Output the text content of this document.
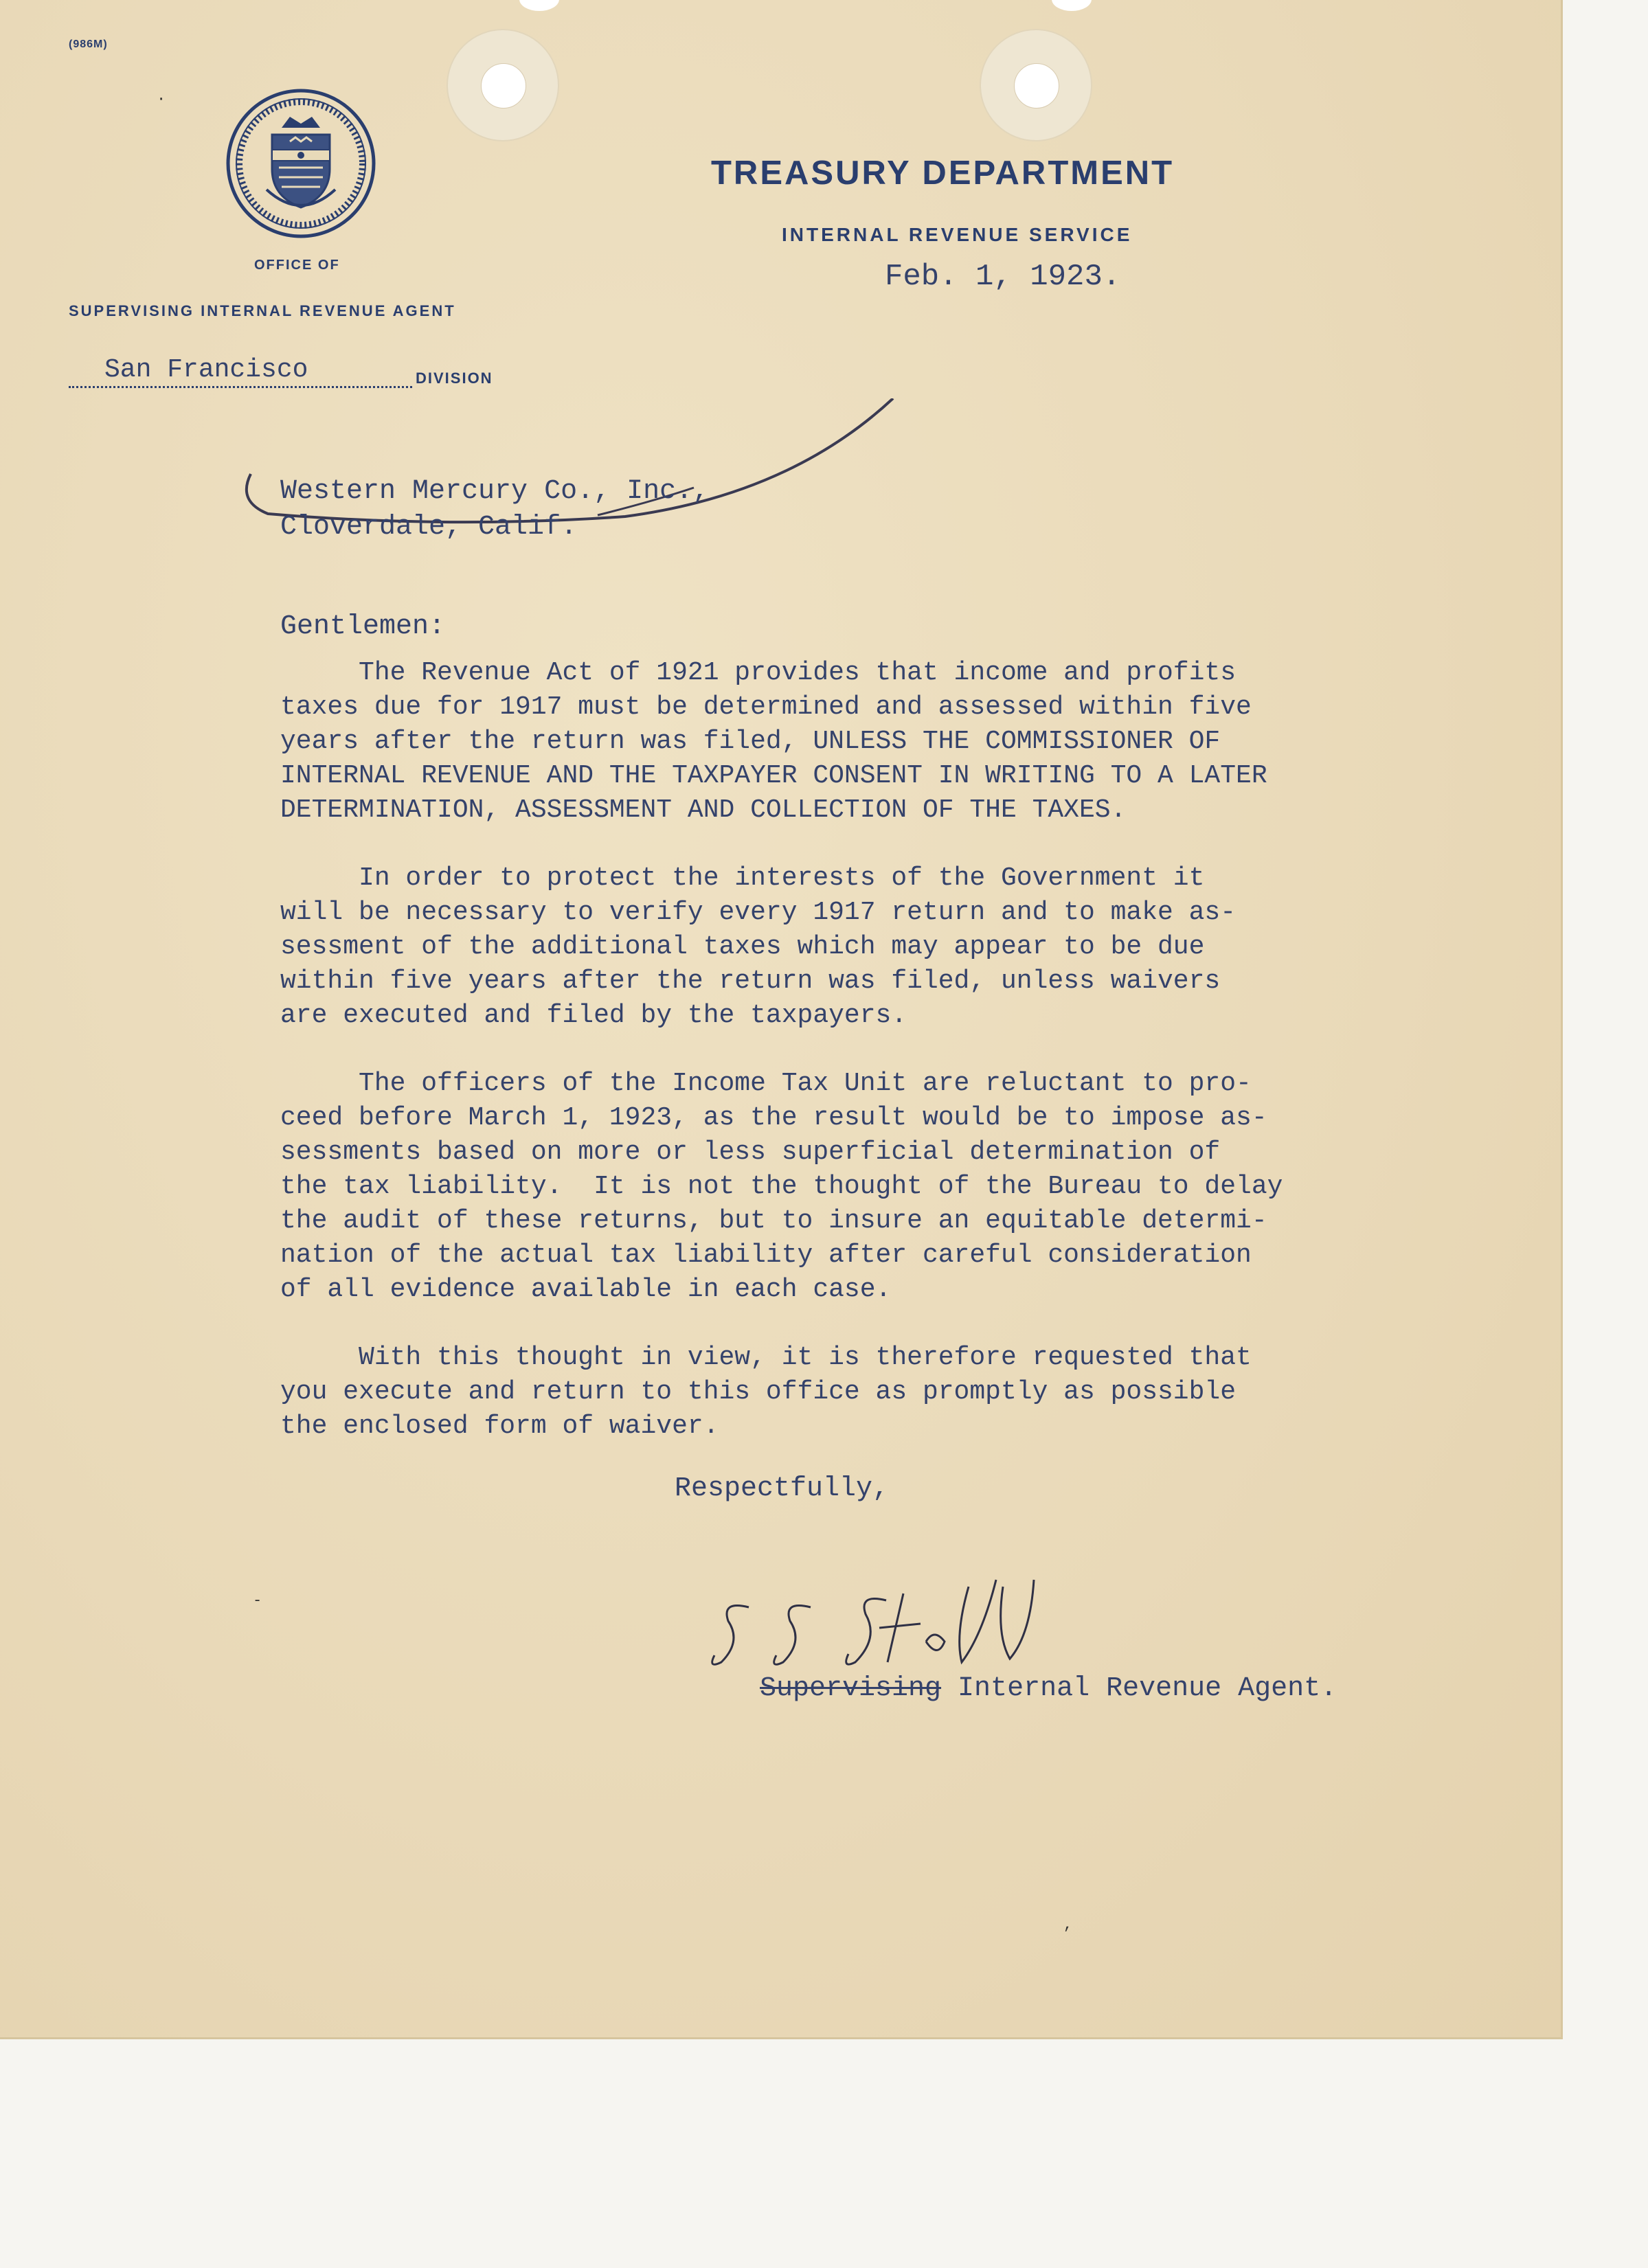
(986M)
OFFICE OF
SUPERVISING INTERNAL REVENUE AGENT
San Francisco	DIVISION
TREASURY DEPARTMENT
INTERNAL REVENUE SERVICE
Feb. 1, 1923.
Western Mercury Co., Inc.,
Cloverdale, Calif.
Gentlemen:

The Revenue Act of 1921 provides that income and profits
taxes due for 1917 must be determined and assessed within five
years after the return was filed, UNLESS THE COMMISSIONER OF
INTERNAL REVENUE AND THE TAXPAYER CONSENT IN WRITING TO A LATER
DETERMINATION, ASSESSMENT AND COLLECTION OF THE TAXES.

In order to protect the interests of the Government it
will be necessary to verify every 1917 return and to make as-
sessment of the additional taxes which may appear to be due
within five years after the return was filed, unless waivers
are executed and filed by the taxpayers.

The officers of the Income Tax Unit are reluctant to pro-
ceed before March 1, 1923, as the result would be to impose as-
sessments based on more or less superficial determination of
the tax liability.  It is not the thought of the Bureau to delay
the audit of these returns, but to insure an equitable determi-
nation of the actual tax liability after careful consideration
of all evidence available in each case.

With this thought in view, it is therefore requested that
you execute and return to this office as promptly as possible
the enclosed form of waiver.

Respectfully,
Supervising Internal Revenue Agent.
·
-
,
